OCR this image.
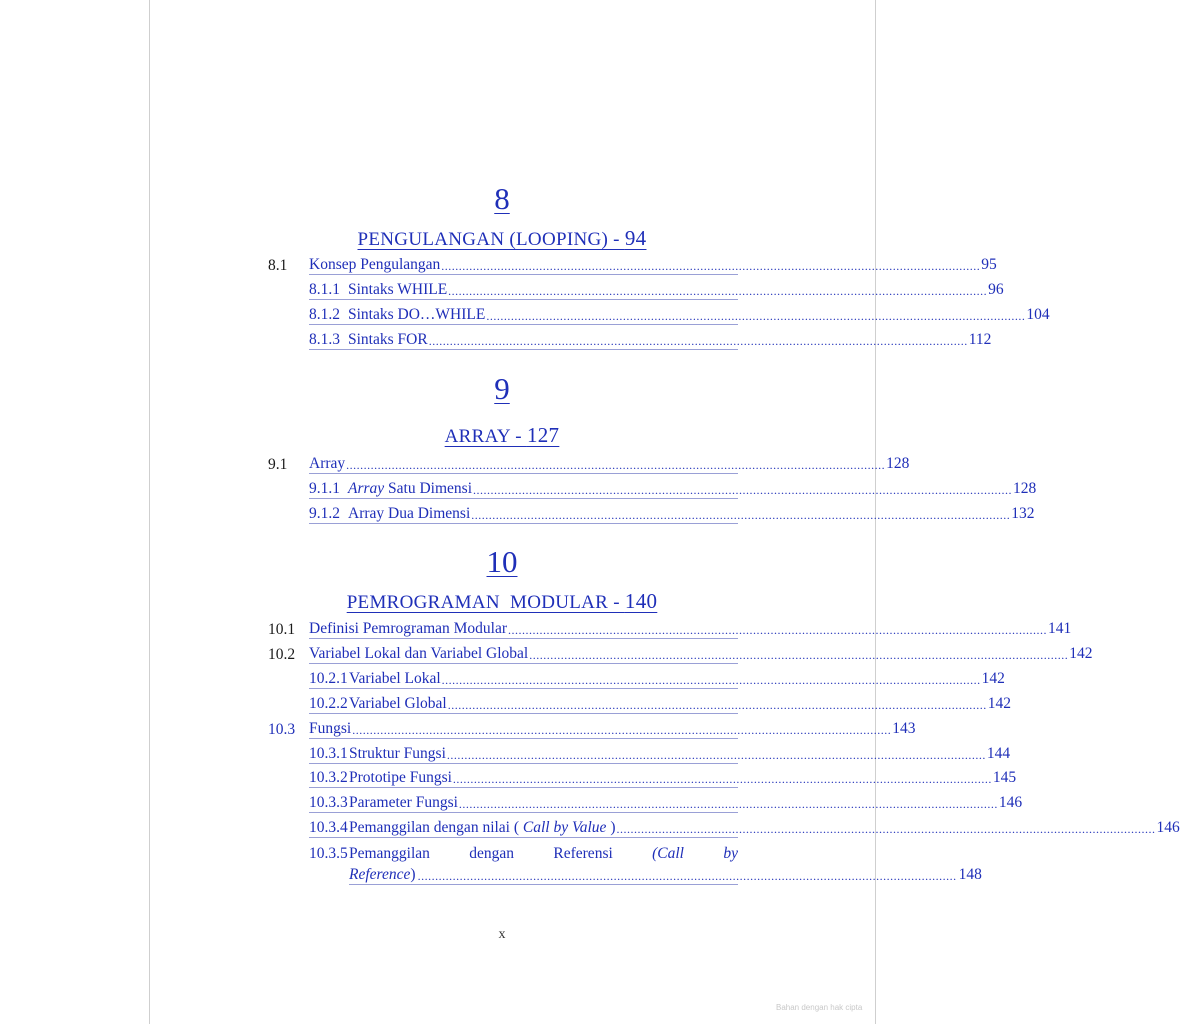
8
PENGULANGAN (LOOPING) - 94
8.1 Konsep Pengulangan .......................................................................................................................................................... 95
8.1.1 Sintaks WHILE .......................................................................................................................................................... 96
8.1.2 Sintaks DO…WHILE .......................................................................................................................................................... 104
8.1.3 Sintaks FOR .......................................................................................................................................................... 112
9
ARRAY - 127
9.1 Array .......................................................................................................................................................... 128
9.1.1 Array Satu Dimensi .......................................................................................................................................................... 128
9.1.2 Array Dua Dimensi .......................................................................................................................................................... 132
10
PEMROGRAMAN  MODULAR - 140
10.1 Definisi Pemrograman Modular .......................................................................................................................................................... 141
10.2 Variabel Lokal dan Variabel Global .......................................................................................................................................................... 142
10.2.1 Variabel Lokal .......................................................................................................................................................... 142
10.2.2 Variabel Global .......................................................................................................................................................... 142
10.3 Fungsi .......................................................................................................................................................... 143
10.3.1 Struktur Fungsi .......................................................................................................................................................... 144
10.3.2 Prototipe Fungsi .......................................................................................................................................................... 145
10.3.3 Parameter Fungsi .......................................................................................................................................................... 146
10.3.4 Pemanggilan dengan nilai ( Call by Value ) .......................................................................................................................................................... 146
10.3.5 Pemanggilan	dengan	Referensi	(Call	by
Reference) .......................................................................................................................................................... 148
x
Bahan dengan hak cipta
